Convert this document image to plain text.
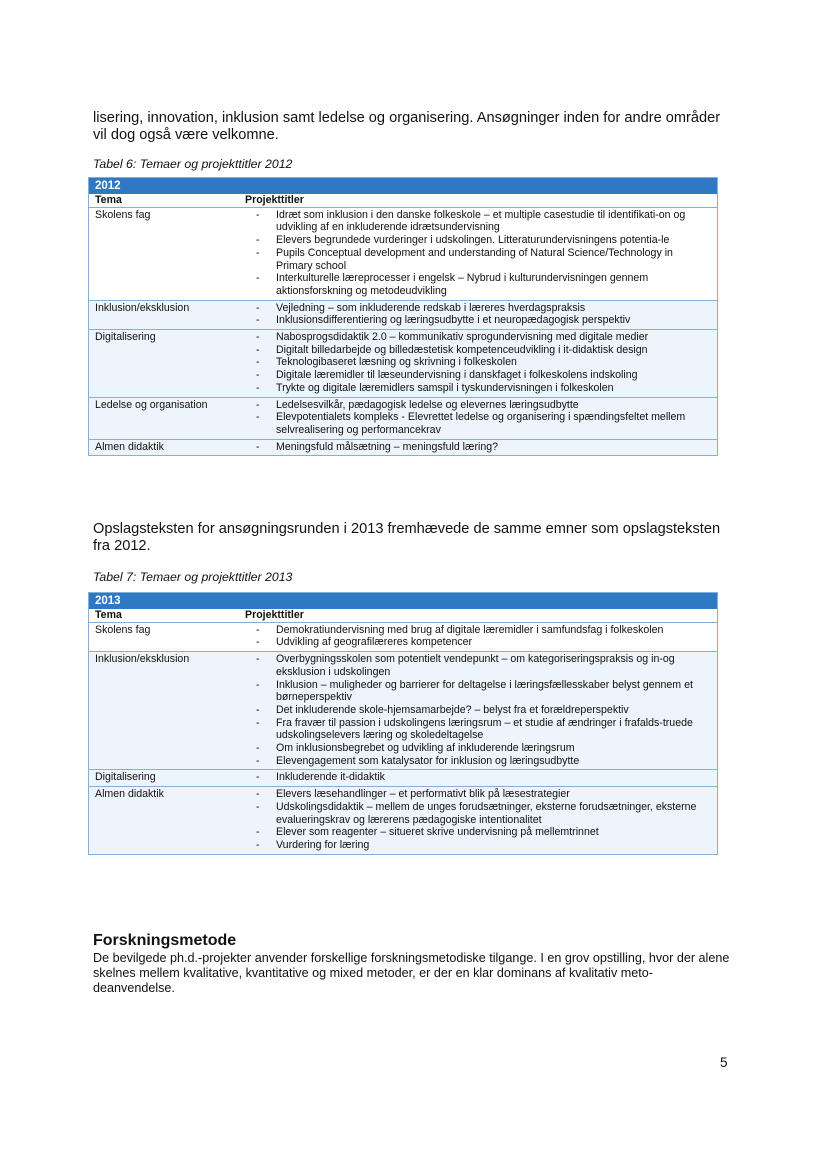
lisering, innovation, inklusion samt ledelse og organisering. Ansøgninger inden for andre områder vil dog også være velkomne.

Tabel 6: Temaer og projekttitler 2012

2012
Tema	Projekttitler
Skolens fag	- Idræt som inklusion i den danske folkeskole – et multiple casestudie til identifikati-on og udvikling af en inkluderende idrætsundervisning
- Elevers begrundede vurderinger i udskolingen. Litteraturundervisningens potentia-le
- Pupils Conceptual development and understanding of Natural Science/Technology in Primary school
- Interkulturelle læreprocesser i engelsk – Nybrud i kulturundervisningen gennem aktionsforskning og metodeudvikling
Inklusion/eksklusion	- Vejledning – som inkluderende redskab i læreres hverdagspraksis
- Inklusionsdifferentiering og læringsudbytte i et neuropædagogisk perspektiv
Digitalisering	- Nabosprogsdidaktik 2.0 – kommunikativ sprogundervisning med digitale medier
- Digitalt billedarbejde og billedæstetisk kompetenceudvikling i it-didaktisk design
- Teknologibaseret læsning og skrivning i folkeskolen
- Digitale læremidler til læseundervisning i danskfaget i folkeskolens indskoling
- Trykte og digitale læremidlers samspil i tyskundervisningen i folkeskolen
Ledelse og organisation	- Ledelsesvilkår, pædagogisk ledelse og elevernes læringsudbytte
- Elevpotentialets kompleks - Elevrettet ledelse og organisering i spændingsfeltet mellem selvrealisering og performancekrav
Almen didaktik	- Meningsfuld målsætning – meningsfuld læring?

Opslagsteksten for ansøgningsrunden i 2013 fremhævede de samme emner som opslagsteksten fra 2012.

Tabel 7: Temaer og projekttitler 2013

2013
Tema	Projekttitler
Skolens fag	- Demokratiundervisning med brug af digitale læremidler i samfundsfag i folkeskolen
- Udvikling af geografilæreres kompetencer
Inklusion/eksklusion	- Overbygningsskolen som potentielt vendepunkt – om kategoriseringspraksis og in-og eksklusion i udskolingen
- Inklusion – muligheder og barrierer for deltagelse i læringsfællesskaber belyst gennem et børneperspektiv
- Det inkluderende skole-hjemsamarbejde? – belyst fra et forældreperspektiv
- Fra fravær til passion i udskolingens læringsrum – et studie af ændringer i frafalds-truede udskolingselevers læring og skoledeltagelse
- Om inklusionsbegrebet og udvikling af inkluderende læringsrum
- Elevengagement som katalysator for inklusion og læringsudbytte
Digitalisering	- Inkluderende it-didaktik
Almen didaktik	- Elevers læsehandlinger – et performativt blik på læsestrategier
- Udskolingsdidaktik – mellem de unges forudsætninger, eksterne forudsætninger, eksterne evalueringskrav og lærerens pædagogiske intentionalitet
- Elever som reagenter – situeret skrive undervisning på mellemtrinnet
- Vurdering for læring
Forskningsmetode

De bevilgede ph.d.-projekter anvender forskellige forskningsmetodiske tilgange. I en grov opstilling, hvor der alene skelnes mellem kvalitative, kvantitative og mixed metoder, er der en klar dominans af kvalitativ meto-deanvendelse.

5
